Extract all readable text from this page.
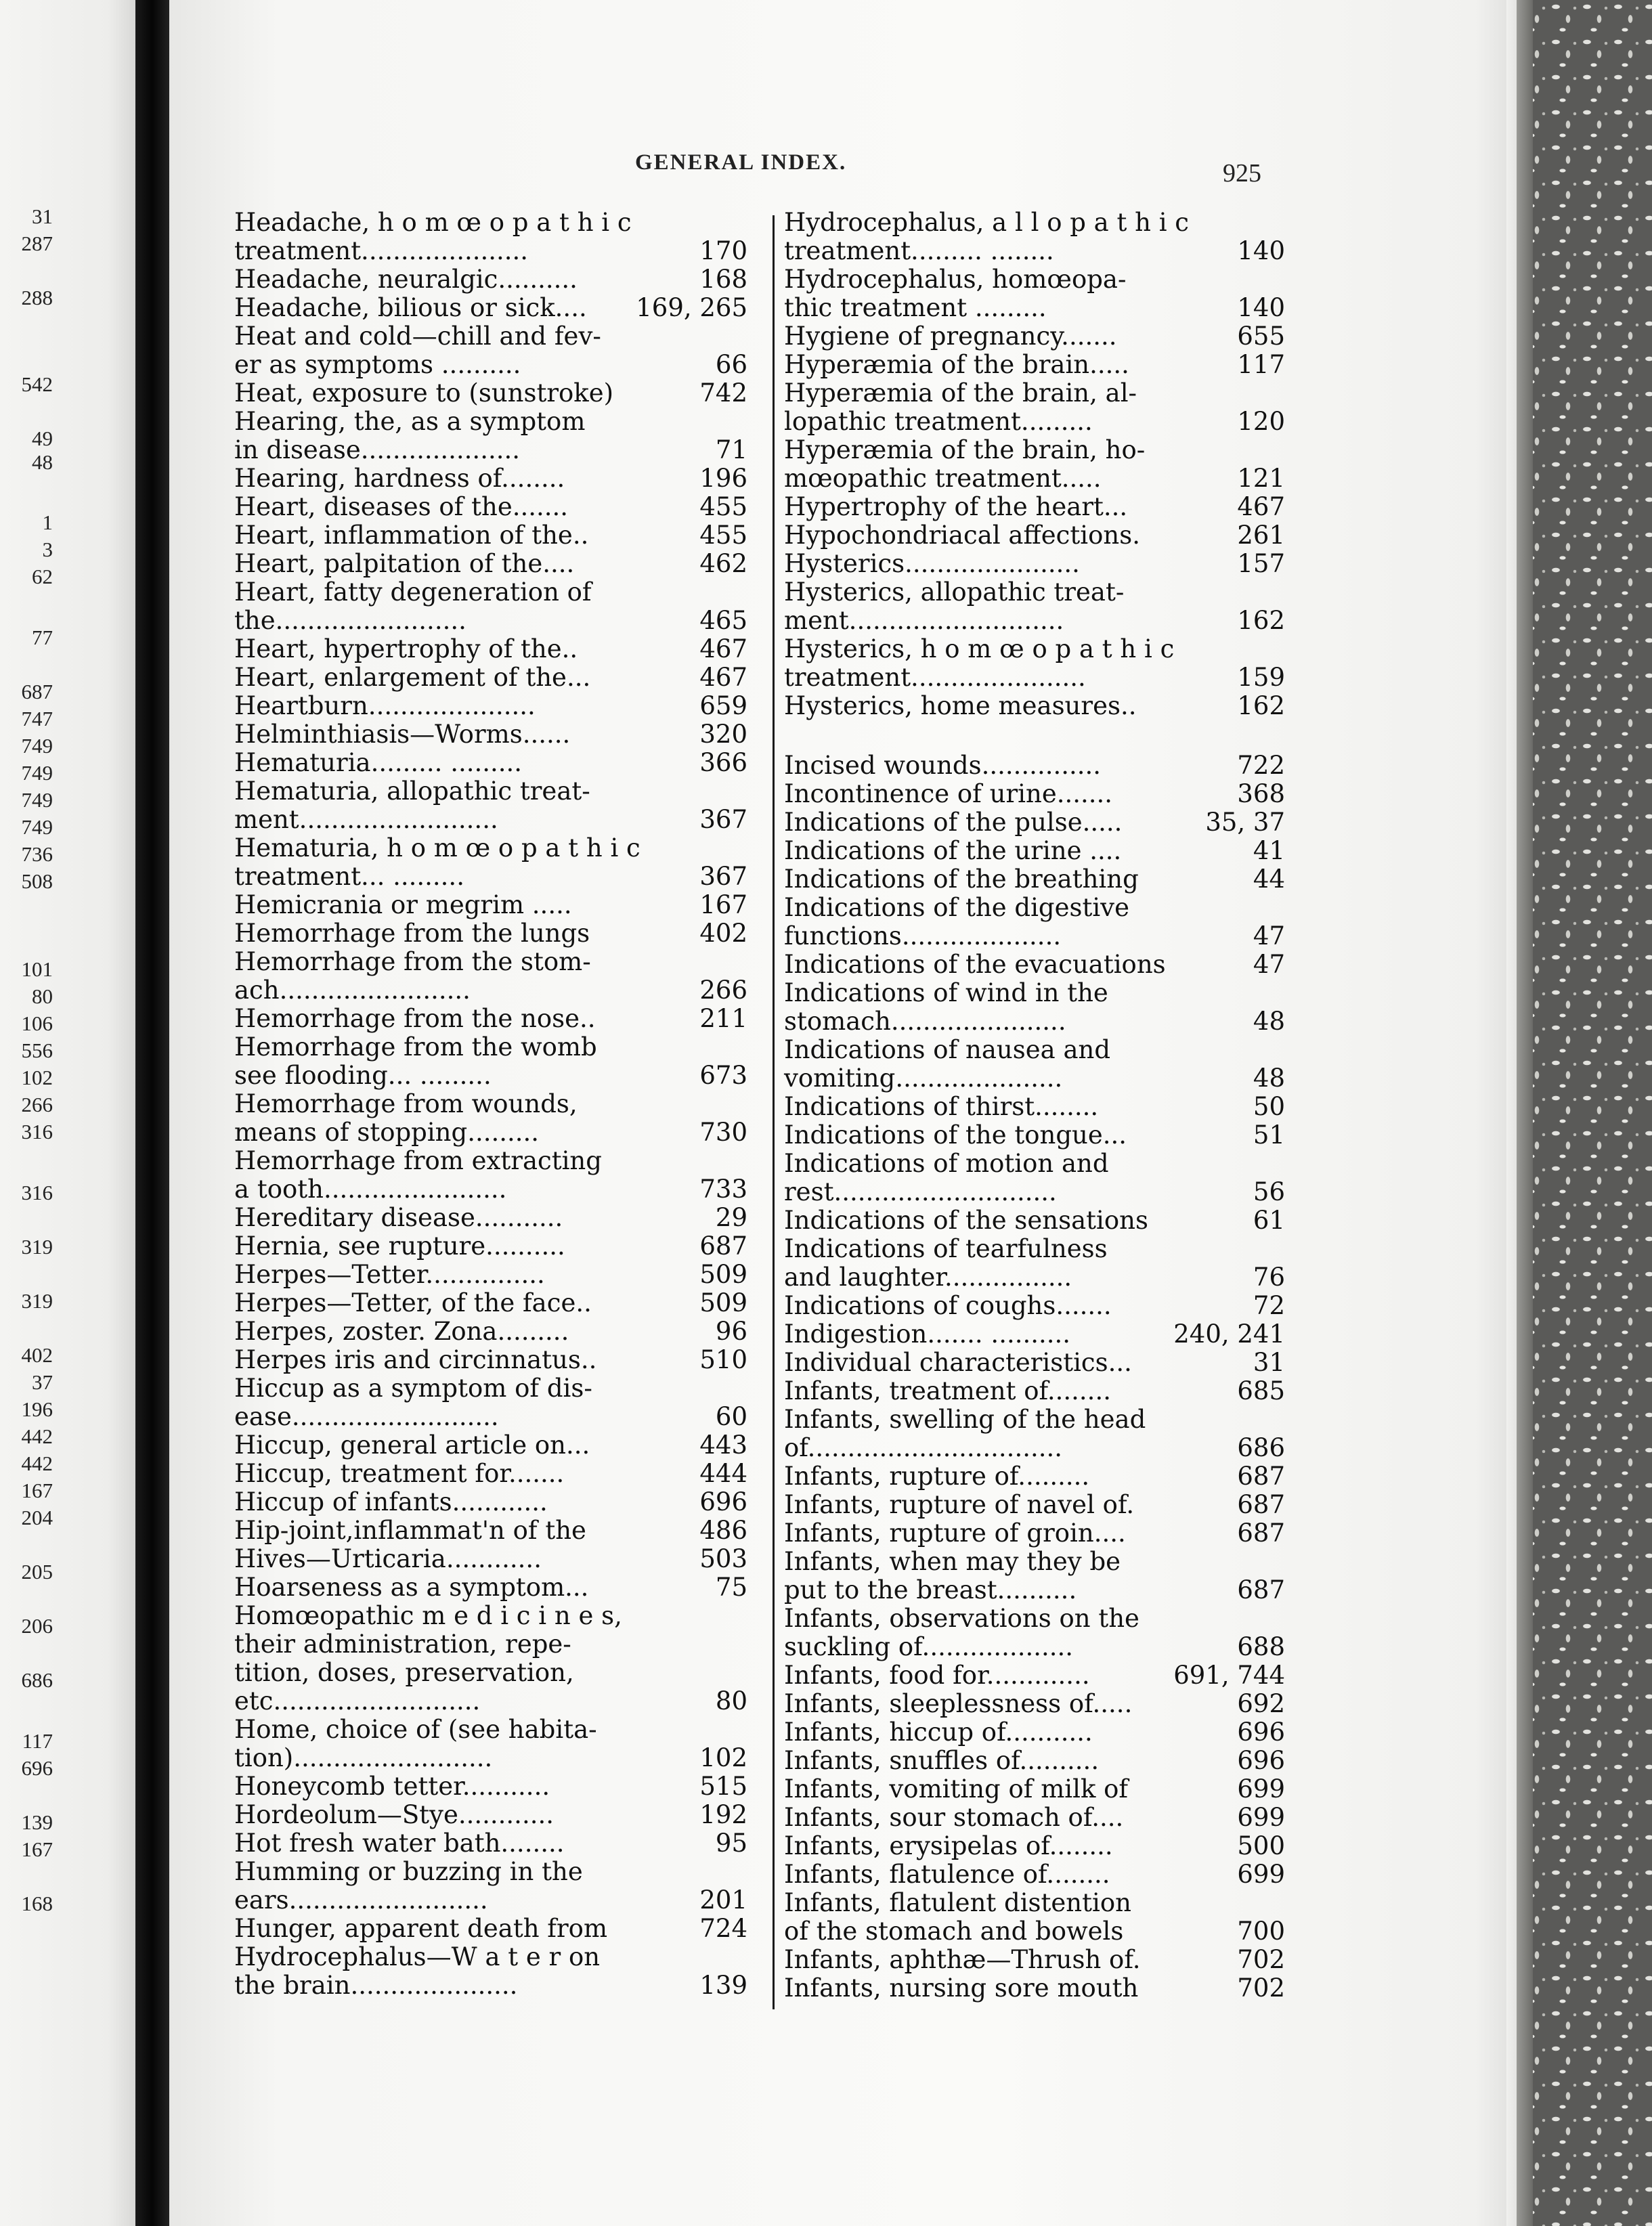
31
287
288
542
49
48
1
3
62
77
687
747
749
749
749
749
736
508
101
80
106
556
102
266
316
316
319
319
402
37
196
442
442
167
204
205
206
686
117
696
139
167
168
GENERAL INDEX.	925
Headache, h o m œ o p a t h i c
treatment.....................	170
Headache, neuralgic..........	168
Headache, bilious or sick.... 169, 265
Heat and cold—chill and fev-
er as symptoms ..........	66
Heat, exposure to (sunstroke)	742
Hearing, the, as a symptom
in disease....................	71
Hearing, hardness of........	196
Heart, diseases of the.......	455
Heart, inflammation of the..	455
Heart, palpitation of the....	462
Heart, fatty degeneration of
the........................	465
Heart, hypertrophy of the..	467
Heart, enlargement of the...	467
Heartburn.....................	659
Helminthiasis—Worms......	320
Hematuria......... .........	366
Hematuria, allopathic treat-
ment.........................	367
Hematuria, h o m œ o p a t h i c
treatment... .........	367
Hemicrania or megrim .....	167
Hemorrhage from the lungs	402
Hemorrhage from the stom-
ach........................	266
Hemorrhage from the nose..	211
Hemorrhage from the womb
see flooding... .........	673
Hemorrhage from wounds,
means of stopping.........	730
Hemorrhage from extracting
a tooth.......................	733
Hereditary disease...........	29
Hernia, see rupture..........	687
Herpes—Tetter...............	509
Herpes—Tetter, of the face..	509
Herpes, zoster. Zona.........	96
Herpes iris and circinnatus..	510
Hiccup as a symptom of dis-
ease..........................	60
Hiccup, general article on...	443
Hiccup, treatment for.......	444
Hiccup of infants............	696
Hip-joint,inflammat'n of the	486
Hives—Urticaria............	503
Hoarseness as a symptom...	75
Homœopathic m e d i c i n e s,
their administration, repe-
tition, doses, preservation,
etc..........................	80
Home, choice of (see habita-
tion).........................	102
Honeycomb tetter...........	515
Hordeolum—Stye............	192
Hot fresh water bath........	95
Humming or buzzing in the
ears.........................	201
Hunger, apparent death from	724
Hydrocephalus—W a t e r on
the brain.....................	139
Hydrocephalus, a l l o p a t h i c
treatment......... ........	140
Hydrocephalus, homœopa-
thic treatment .........	140
Hygiene of pregnancy.......	655
Hyperæmia of the brain.....	117
Hyperæmia of the brain, al-
lopathic treatment.........	120
Hyperæmia of the brain, ho-
mœopathic treatment.....	121
Hypertrophy of the heart...	467
Hypochondriacal affections.	261
Hysterics......................	157
Hysterics, allopathic treat-
ment...........................	162
Hysterics, h o m œ o p a t h i c
treatment......................	159
Hysterics, home measures..	162
Incised wounds...............	722
Incontinence of urine.......	368
Indications of the pulse.....	35, 37
Indications of the urine ....	41
Indications of the breathing	44
Indications of the digestive
functions....................	47
Indications of the evacuations	47
Indications of wind in the
stomach......................	48
Indications of nausea and
vomiting.....................	48
Indications of thirst........	50
Indications of the tongue...	51
Indications of motion and
rest............................	56
Indications of the sensations	61
Indications of tearfulness
and laughter................	76
Indications of coughs.......	72
Indigestion....... ..........	240, 241
Individual characteristics...	31
Infants, treatment of........	685
Infants, swelling of the head
of................................	686
Infants, rupture of.........	687
Infants, rupture of navel of.	687
Infants, rupture of groin....	687
Infants, when may they be
put to the breast..........	687
Infants, observations on the
suckling of...................	688
Infants, food for.............	691, 744
Infants, sleeplessness of.....	692
Infants, hiccup of...........	696
Infants, snuffles of..........	696
Infants, vomiting of milk of	699
Infants, sour stomach of....	699
Infants, erysipelas of........	500
Infants, flatulence of........	699
Infants, flatulent distention
of the stomach and bowels	700
Infants, aphthæ—Thrush of.	702
Infants, nursing sore mouth	702
